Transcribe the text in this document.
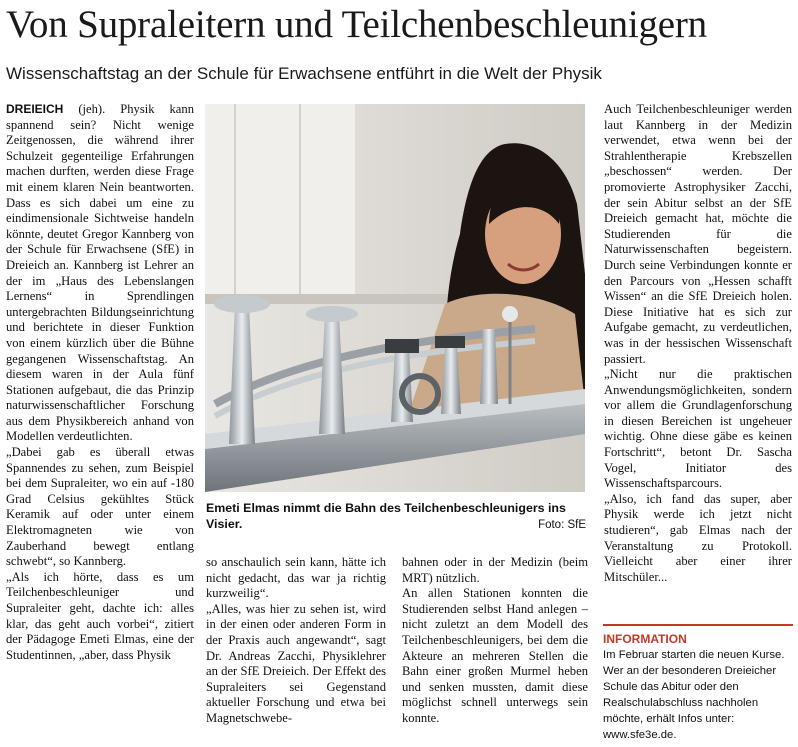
Von Supraleitern und Teilchenbeschleunigern
Wissenschaftstag an der Schule für Erwachsene entführt in die Welt der Physik

DREIEICH (jeh). Physik kann spannend sein? Nicht wenige Zeitgenossen, die während ihrer Schulzeit gegenteilige Erfahrungen machen durften, werden diese Frage mit einem klaren Nein beantworten. Dass es sich dabei um eine zu eindimensionale Sichtweise handeln könnte, deutet Gregor Kannberg von der Schule für Erwachsene (SfE) in Dreieich an. Kannberg ist Lehrer an der im „Haus des Lebenslangen Lernens“ in Sprendlingen untergebrachten Bildungseinrichtung und berichtete in dieser Funktion von einem kürzlich über die Bühne gegangenen Wissenschaftstag. An diesem waren in der Aula fünf Stationen aufgebaut, die das Prinzip naturwissenschaftlicher Forschung aus dem Physikbereich anhand von Modellen verdeutlichten.

„Dabei gab es überall etwas Spannendes zu sehen, zum Beispiel bei dem Supraleiter, wo ein auf -180 Grad Celsius gekühltes Stück Keramik auf oder unter einem Elektromagneten wie von Zauberhand bewegt entlang schwebt“, so Kannberg.

„Als ich hörte, dass es um Teilchenbeschleuniger und Supraleiter geht, dachte ich: alles klar, das geht auch vorbei“, zitiert der Pädagoge Emeti Elmas, eine der Studentinnen, „aber, dass Physik

Emeti Elmas nimmt die Bahn des Teilchenbeschleunigers ins Visier.	Foto: SfE

so anschaulich sein kann, hätte ich nicht gedacht, das war ja richtig kurzweilig“.

„Alles, was hier zu sehen ist, wird in der einen oder anderen Form in der Praxis auch angewandt“, sagt Dr. Andreas Zacchi, Physiklehrer an der SfE Dreieich. Der Effekt des Supraleiters sei Gegenstand aktueller Forschung und etwa bei Magnetschwebe-

bahnen oder in der Medizin (beim MRT) nützlich.

An allen Stationen konnten die Studierenden selbst Hand anlegen – nicht zuletzt an dem Modell des Teilchenbeschleunigers, bei dem die Akteure an mehreren Stellen die Bahn einer großen Murmel heben und senken mussten, damit diese möglichst schnell unterwegs sein konnte.

Auch Teilchenbeschleuniger werden laut Kannberg in der Medizin verwendet, etwa wenn bei der Strahlentherapie Krebszellen „beschossen“ werden. Der promovierte Astrophysiker Zacchi, der sein Abitur selbst an der SfE Dreieich gemacht hat, möchte die Studierenden für die Naturwissenschaften begeistern. Durch seine Verbindungen konnte er den Parcours von „Hessen schafft Wissen“ an die SfE Dreieich holen. Diese Initiative hat es sich zur Aufgabe gemacht, zu verdeutlichen, was in der hessischen Wissenschaft passiert.

„Nicht nur die praktischen Anwendungsmöglichkeiten, sondern vor allem die Grundlagenforschung in diesen Bereichen ist ungeheuer wichtig. Ohne diese gäbe es keinen Fortschritt“, betont Dr. Sascha Vogel, Initiator des Wissenschaftsparcours.

„Also, ich fand das super, aber Physik werde ich jetzt nicht studieren“, gab Elmas nach der Veranstaltung zu Protokoll. Vielleicht aber einer ihrer Mitschüler...

INFORMATION
Im Februar starten die neuen Kurse. Wer an der besonderen Dreieicher Schule das Abitur oder den Realschulabschluss nachholen möchte, erhält Infos unter: www.sfe3e.de.
